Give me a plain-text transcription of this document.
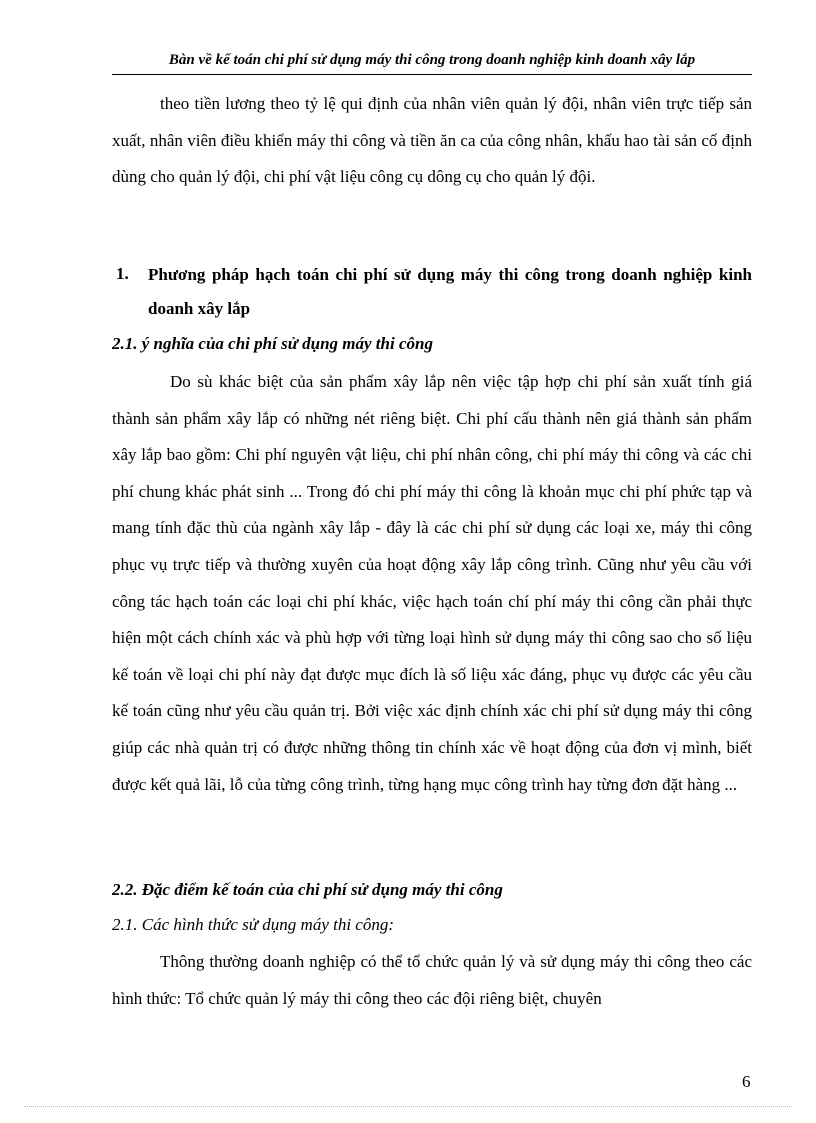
Bàn về kế toán chi phí sử dụng máy thi công trong doanh nghiệp kinh doanh xây lắp

theo tiền lương theo tỷ lệ qui định của nhân viên quản lý đội, nhân viên trực tiếp sản xuất, nhân viên điều khiển máy thi công và tiền ăn ca của công nhân, khấu hao tài sản cố định dùng cho quản lý đội, chi phí vật liệu công cụ dông cụ cho quản lý đội.

1. Phương pháp hạch toán chi phí sử dụng máy thi công trong doanh nghiệp kinh doanh xây lắp
2.1. ý nghĩa của chi phí sử dụng máy thi công

Do sù khác biệt của sản phẩm xây lắp nên việc tập hợp chi phí sản xuất tính giá thành sản phẩm xây lắp có những nét riêng biệt. Chi phí cấu thành nên giá thành sản phẩm xây lắp bao gồm: Chi phí nguyên vật liệu, chi phí nhân công, chi phí máy thi công và các chi phí chung khác phát sinh ... Trong đó chi phí máy thi công là khoản mục chi phí phức tạp và mang tính đặc thù của ngành xây lắp - đây là các chi phí sử dụng các loại xe, máy thi công phục vụ trực tiếp và thường xuyên của hoạt động xây lắp công trình. Cũng như yêu cầu với công tác hạch toán các loại chi phí khác, việc hạch toán chí phí máy thi công cần phải thực hiện một cách chính xác và phù hợp với từng loại hình sử dụng máy thi công sao cho số liệu kế toán về loại chi phí này đạt được mục đích là số liệu xác đáng, phục vụ được các yêu cầu kế toán cũng như yêu cầu quản trị. Bởi việc xác định chính xác chi phí sử dụng máy thi công giúp các nhà quản trị có được những thông tin chính xác về hoạt động của đơn vị mình, biết được kết quả lãi, lỗ của từng công trình, từng hạng mục công trình hay từng đơn đặt hàng ...

2.2. Đặc điểm kế toán của chi phí sử dụng máy thi công
2.1. Các hình thức sử dụng máy thi công:

Thông thường doanh nghiệp có thể tổ chức quản lý và sử dụng máy thi công theo các hình thức: Tổ chức quản lý máy thi công theo các đội riêng biệt, chuyên

6
